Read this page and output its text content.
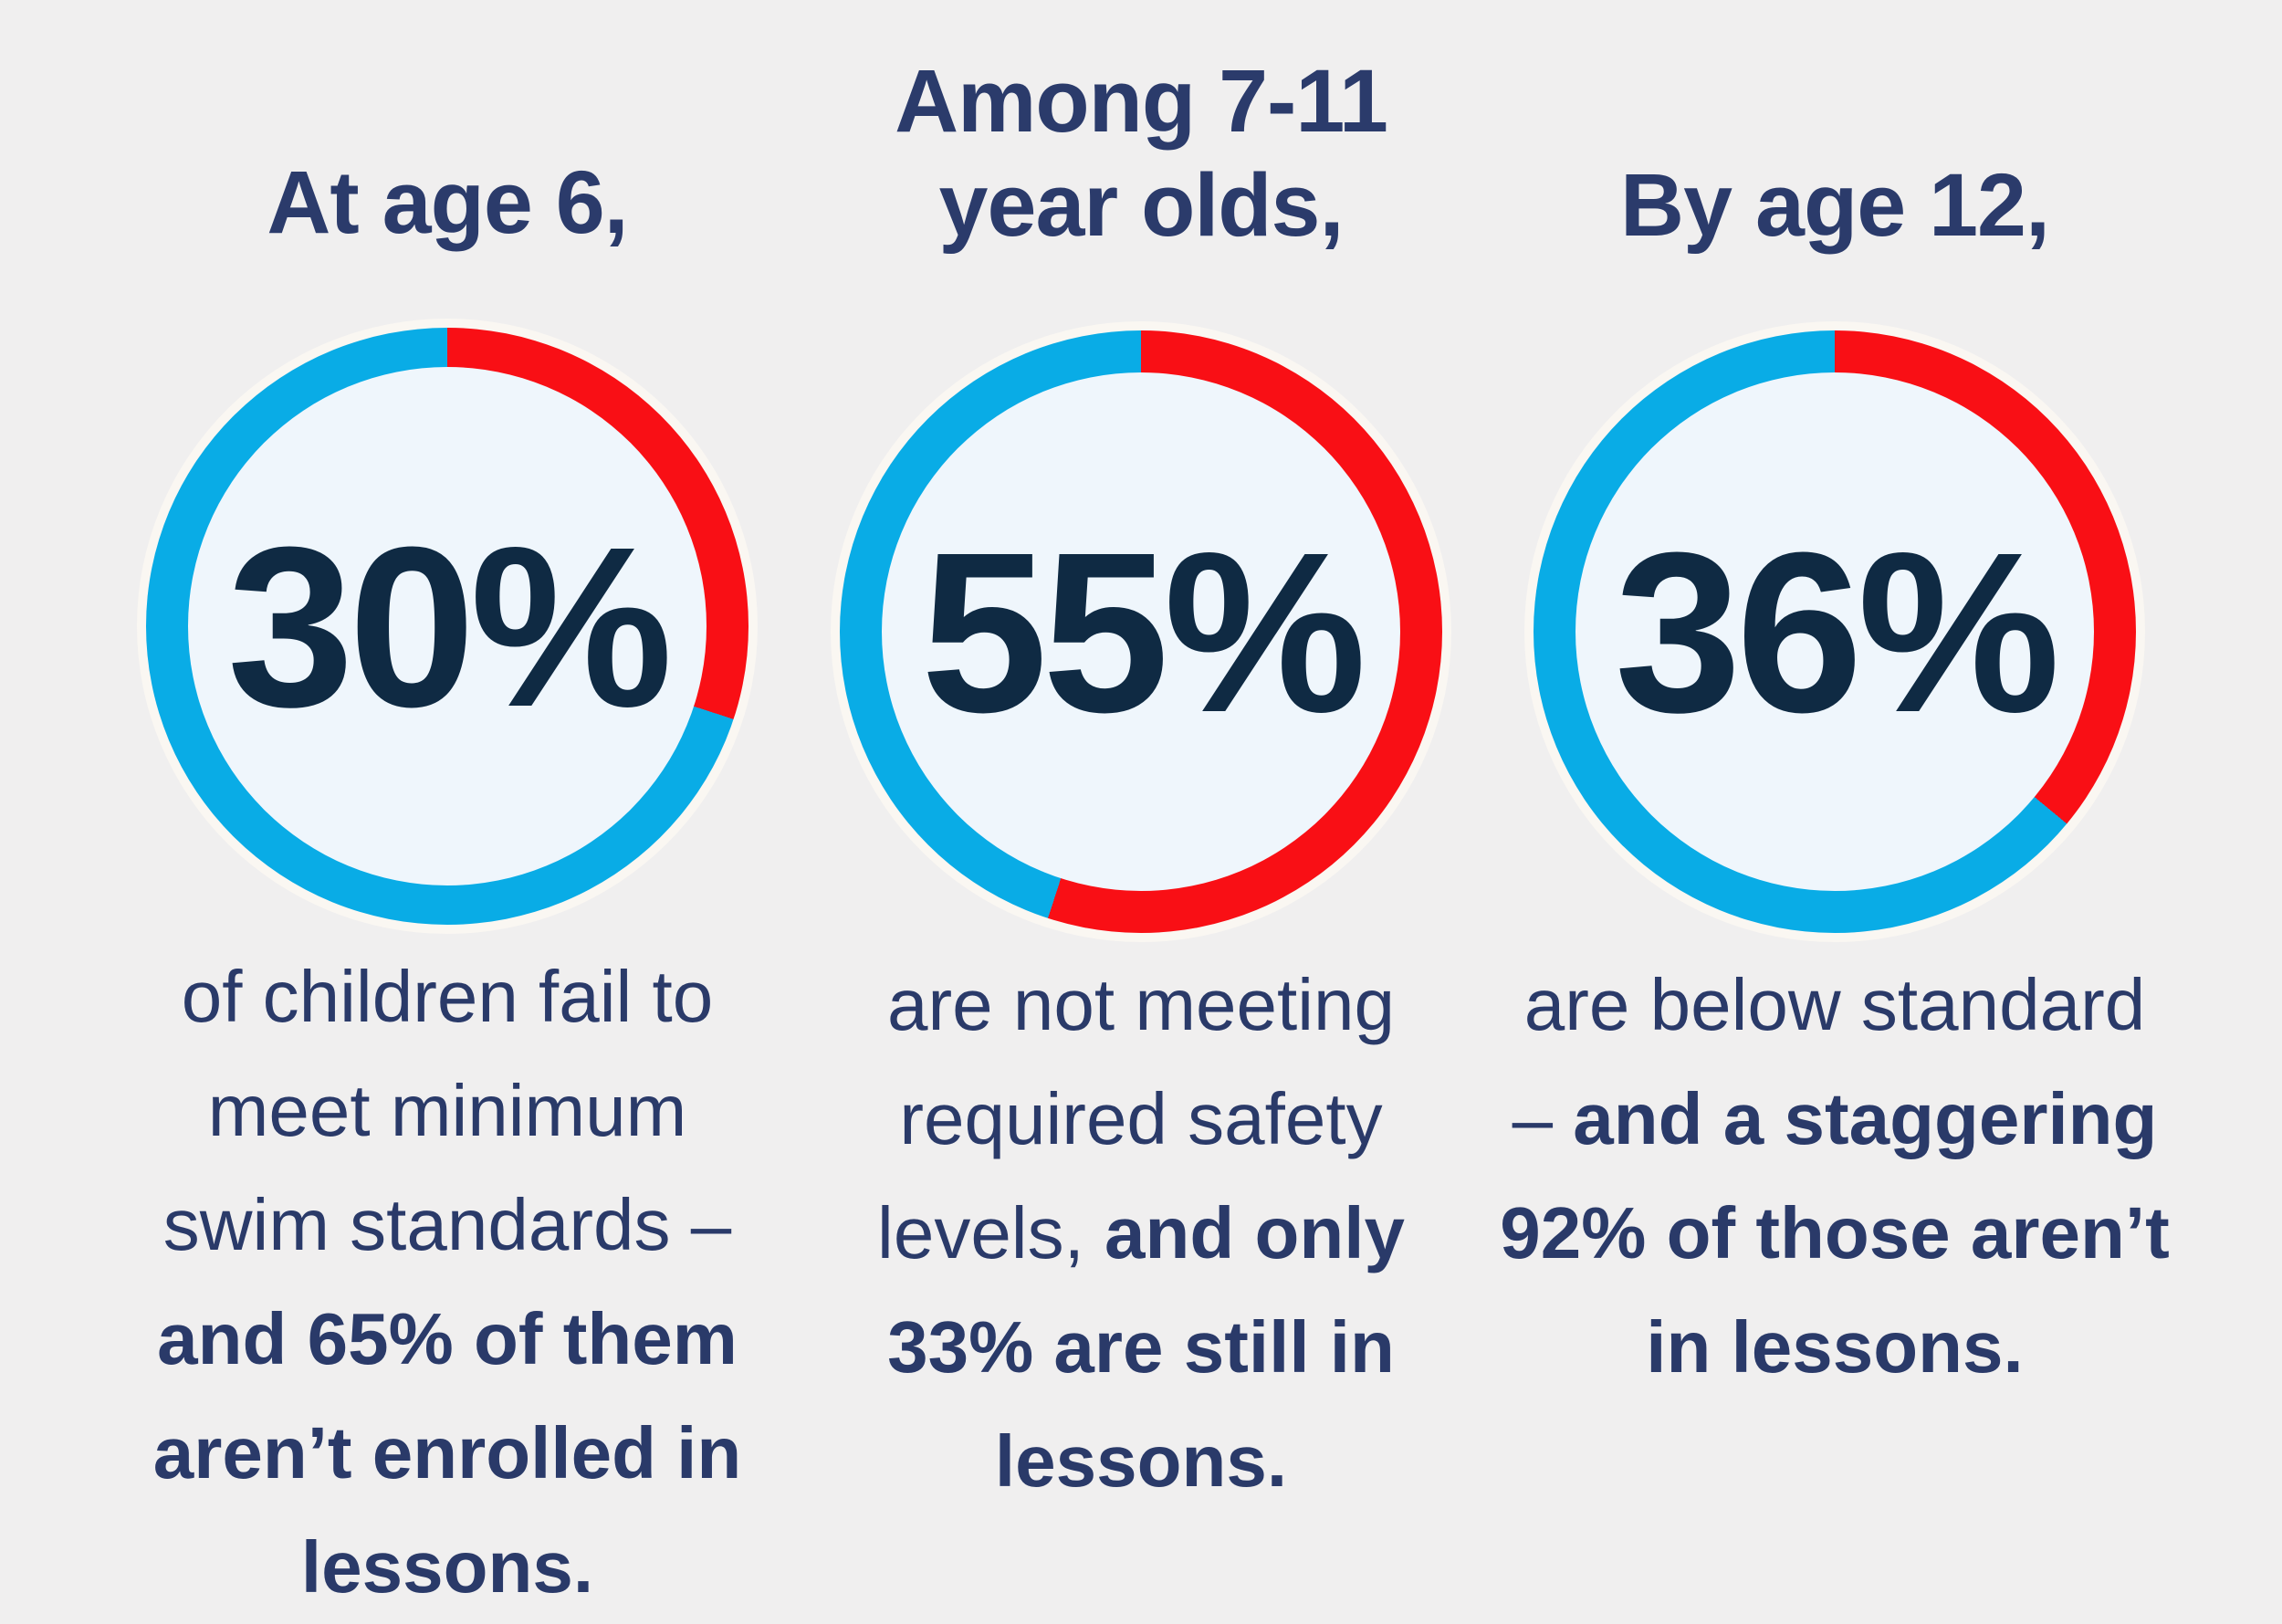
At age 6,
30%
of children fail to
meet minimum
swim standards –
and 65% of them
aren’t enrolled in
lessons.
Among 7-11
year olds,
55%
are not meeting
required safety
levels, and only
33% are still in
lessons.
By age 12,
36%
are below standard
– and a staggering
92% of those aren’t
in lessons.
